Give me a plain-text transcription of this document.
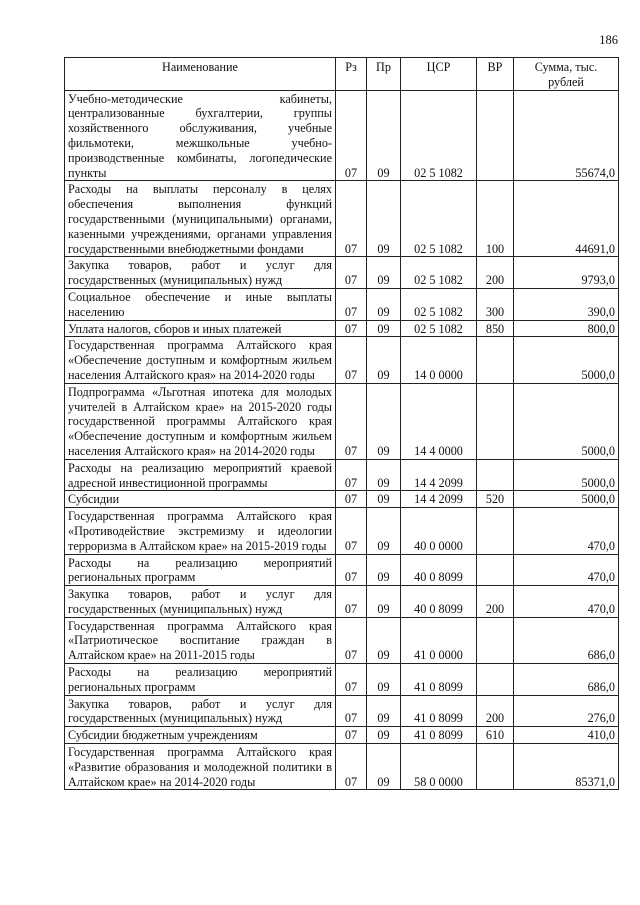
186
Наименование	Рз	Пр	ЦСР	ВР	Сумма, тыс. рублей
Учебно-методические кабинеты, централизованные бухгалтерии, группы хозяйственного обслуживания, учебные фильмотеки, межшкольные учебно-производственные комбинаты, логопедические пункты	07	09	02 5 1082		55674,0
Расходы на выплаты персоналу в целях обеспечения выполнения функций государственными (муниципальными) органами, казенными учреждениями, органами управления государственными внебюджетными фондами	07	09	02 5 1082	100	44691,0
Закупка товаров, работ и услуг для государственных (муниципальных) нужд	07	09	02 5 1082	200	9793,0
Социальное обеспечение и иные выплаты населению	07	09	02 5 1082	300	390,0
Уплата налогов, сборов и иных платежей	07	09	02 5 1082	850	800,0
Государственная программа Алтайского края «Обеспечение доступным и комфортным жильем населения Алтайского края» на 2014-2020 годы	07	09	14 0 0000		5000,0
Подпрограмма «Льготная ипотека для молодых учителей в Алтайском крае» на 2015-2020 годы государственной программы Алтайского края «Обеспечение доступным и комфортным жильем населения Алтайского края» на 2014-2020 годы	07	09	14 4 0000		5000,0
Расходы на реализацию мероприятий краевой адресной инвестиционной программы	07	09	14 4 2099		5000,0
Субсидии	07	09	14 4 2099	520	5000,0
Государственная программа Алтайского края «Противодействие экстремизму и идеологии терроризма в Алтайском крае» на 2015-2019 годы	07	09	40 0 0000		470,0
Расходы на реализацию мероприятий региональных программ	07	09	40 0 8099		470,0
Закупка товаров, работ и услуг для государственных (муниципальных) нужд	07	09	40 0 8099	200	470,0
Государственная программа Алтайского края «Патриотическое воспитание граждан в Алтайском крае» на 2011-2015 годы	07	09	41 0 0000		686,0
Расходы на реализацию мероприятий региональных программ	07	09	41 0 8099		686,0
Закупка товаров, работ и услуг для государственных (муниципальных) нужд	07	09	41 0 8099	200	276,0
Субсидии бюджетным учреждениям	07	09	41 0 8099	610	410,0
Государственная программа Алтайского края «Развитие образования и молодежной политики в Алтайском крае» на 2014-2020 годы	07	09	58 0 0000		85371,0
